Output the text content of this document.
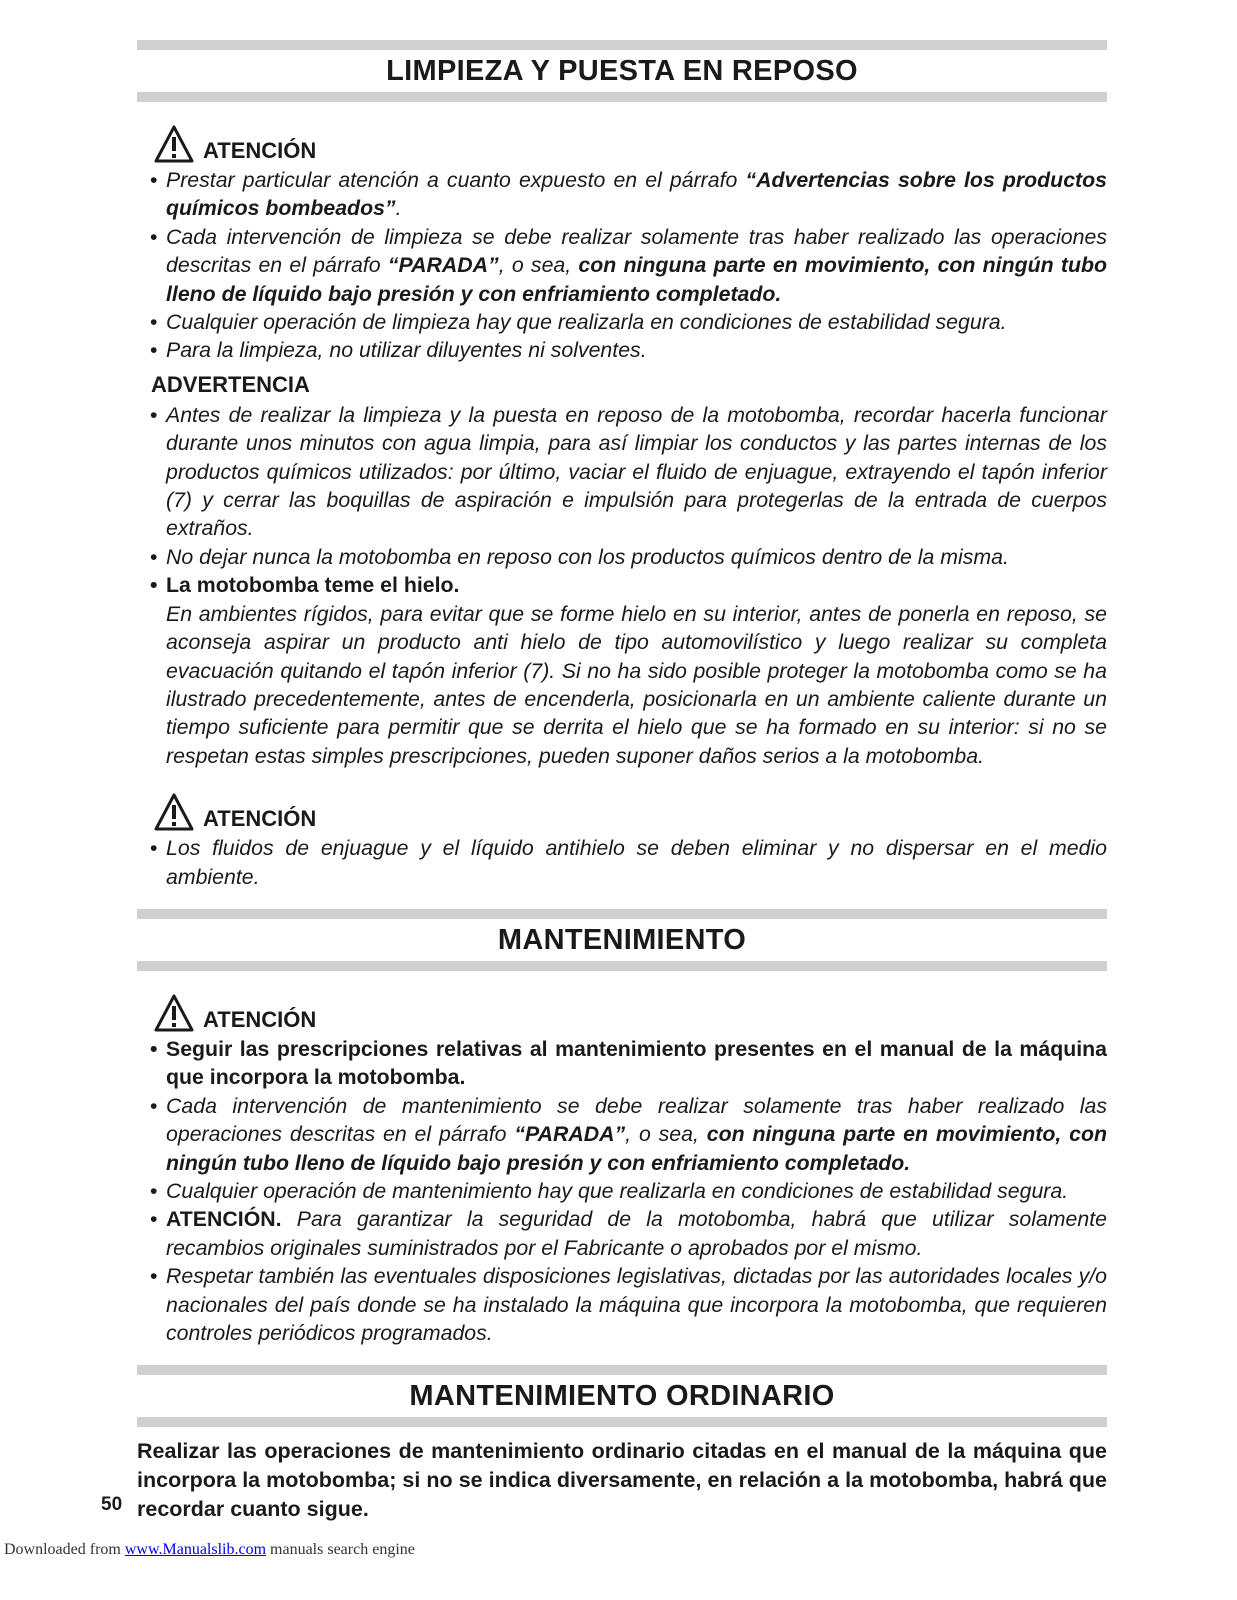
LIMPIEZA Y PUESTA EN REPOSO
ATENCIÓN
• Prestar particular atención a cuanto expuesto en el párrafo “Advertencias sobre los productos químicos bombeados”.
• Cada intervención de limpieza se debe realizar solamente tras haber realizado las operaciones descritas en el párrafo “PARADA”, o sea, con ninguna parte en movimiento, con ningún tubo lleno de líquido bajo presión y con enfriamiento completado.
• Cualquier operación de limpieza hay que realizarla en condiciones de estabilidad segura.
• Para la limpieza, no utilizar diluyentes ni solventes.
ADVERTENCIA
• Antes de realizar la limpieza y la puesta en reposo de la motobomba, recordar hacerla funcionar durante unos minutos con agua limpia, para así limpiar los conductos y las partes internas de los productos químicos utilizados: por último, vaciar el fluido de enjuague, extrayendo el tapón inferior (7) y cerrar las boquillas de aspiración e impulsión para protegerlas de la entrada de cuerpos extraños.
• No dejar nunca la motobomba en reposo con los productos químicos dentro de la misma.
• La motobomba teme el hielo.
En ambientes rígidos, para evitar que se forme hielo en su interior, antes de ponerla en reposo, se aconseja aspirar un producto anti hielo de tipo automovilístico y luego realizar su completa evacuación quitando el tapón inferior (7). Si no ha sido posible proteger la motobomba como se ha ilustrado precedentemente, antes de encenderla, posicionarla en un ambiente caliente durante un tiempo suficiente para permitir que se derrita el hielo que se ha formado en su interior: si no se respetan estas simples prescripciones, pueden suponer daños serios a la motobomba.
ATENCIÓN
• Los fluidos de enjuague y el líquido antihielo se deben eliminar y no dispersar en el medio ambiente.
MANTENIMIENTO
ATENCIÓN
• Seguir las prescripciones relativas al mantenimiento presentes en el manual de la máquina que incorpora la motobomba.
• Cada intervención de mantenimiento se debe realizar solamente tras haber realizado las operaciones descritas en el párrafo “PARADA”, o sea, con ninguna parte en movimiento, con ningún tubo lleno de líquido bajo presión y con enfriamiento completado.
• Cualquier operación de mantenimiento hay que realizarla en condiciones de estabilidad segura.
• ATENCIÓN. Para garantizar la seguridad de la motobomba, habrá que utilizar solamente recambios originales suministrados por el Fabricante o aprobados por el mismo.
• Respetar también las eventuales disposiciones legislativas, dictadas por las autoridades locales y/o nacionales del país donde se ha instalado la máquina que incorpora la motobomba, que requieren controles periódicos programados.
MANTENIMIENTO ORDINARIO

Realizar las operaciones de mantenimiento ordinario citadas en el manual de la máquina que incorpora la motobomba; si no se indica diversamente, en relación a la motobomba, habrá que recordar cuanto sigue.

50
Downloaded from www.Manualslib.com manuals search engine
